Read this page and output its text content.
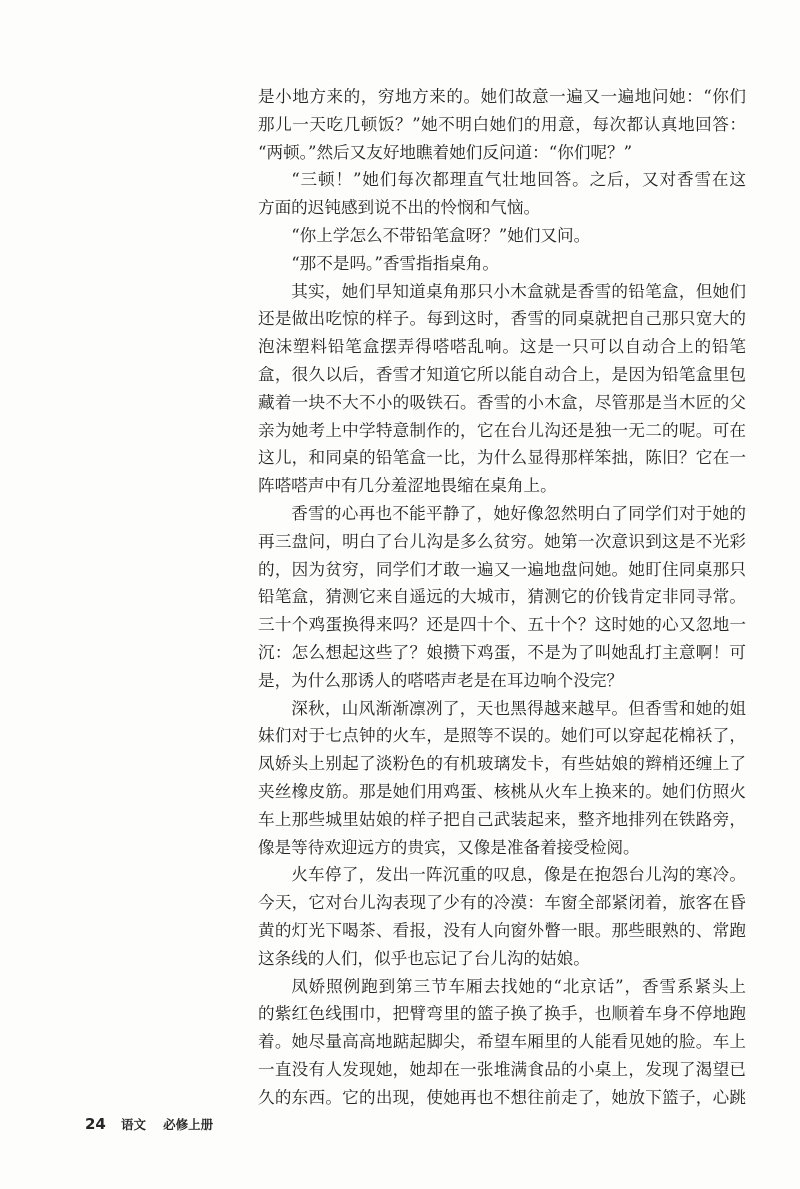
是小地方来的，穷地方来的。她们故意一遍又一遍地问她：“你们
那儿一天吃几顿饭？”她不明白她们的用意，每次都认真地回答：
“两顿。”然后又友好地瞧着她们反问道：“你们呢？”
“三顿！”她们每次都理直气壮地回答。之后，又对香雪在这
方面的迟钝感到说不出的怜悯和气恼。
“你上学怎么不带铅笔盒呀？”她们又问。
“那不是吗。”香雪指指桌角。
其实，她们早知道桌角那只小木盒就是香雪的铅笔盒，但她们
还是做出吃惊的样子。每到这时，香雪的同桌就把自己那只宽大的
泡沫塑料铅笔盒摆弄得嗒嗒乱响。这是一只可以自动合上的铅笔
盒，很久以后，香雪才知道它所以能自动合上，是因为铅笔盒里包
藏着一块不大不小的吸铁石。香雪的小木盒，尽管那是当木匠的父
亲为她考上中学特意制作的，它在台儿沟还是独一无二的呢。可在
这儿，和同桌的铅笔盒一比，为什么显得那样笨拙，陈旧？它在一
阵嗒嗒声中有几分羞涩地畏缩在桌角上。
香雪的心再也不能平静了，她好像忽然明白了同学们对于她的
再三盘问，明白了台儿沟是多么贫穷。她第一次意识到这是不光彩
的，因为贫穷，同学们才敢一遍又一遍地盘问她。她盯住同桌那只
铅笔盒，猜测它来自遥远的大城市，猜测它的价钱肯定非同寻常。
三十个鸡蛋换得来吗？还是四十个、五十个？这时她的心又忽地一
沉：怎么想起这些了？娘攒下鸡蛋，不是为了叫她乱打主意啊！可
是，为什么那诱人的嗒嗒声老是在耳边响个没完？
深秋，山风渐渐凛冽了，天也黑得越来越早。但香雪和她的姐
妹们对于七点钟的火车，是照等不误的。她们可以穿起花棉袄了，
凤娇头上别起了淡粉色的有机玻璃发卡，有些姑娘的辫梢还缠上了
夹丝橡皮筋。那是她们用鸡蛋、核桃从火车上换来的。她们仿照火
车上那些城里姑娘的样子把自己武装起来，整齐地排列在铁路旁，
像是等待欢迎远方的贵宾，又像是准备着接受检阅。
火车停了，发出一阵沉重的叹息，像是在抱怨台儿沟的寒冷。
今天，它对台儿沟表现了少有的冷漠：车窗全部紧闭着，旅客在昏
黄的灯光下喝茶、看报，没有人向窗外瞥一眼。那些眼熟的、常跑
这条线的人们，似乎也忘记了台儿沟的姑娘。
凤娇照例跑到第三节车厢去找她的“北京话”，香雪系紧头上
的紫红色线围巾，把臂弯里的篮子换了换手，也顺着车身不停地跑
着。她尽量高高地踮起脚尖，希望车厢里的人能看见她的脸。车上
一直没有人发现她，她却在一张堆满食品的小桌上，发现了渴望已
久的东西。它的出现，使她再也不想往前走了，她放下篮子，心跳
24 语文 必修上册
